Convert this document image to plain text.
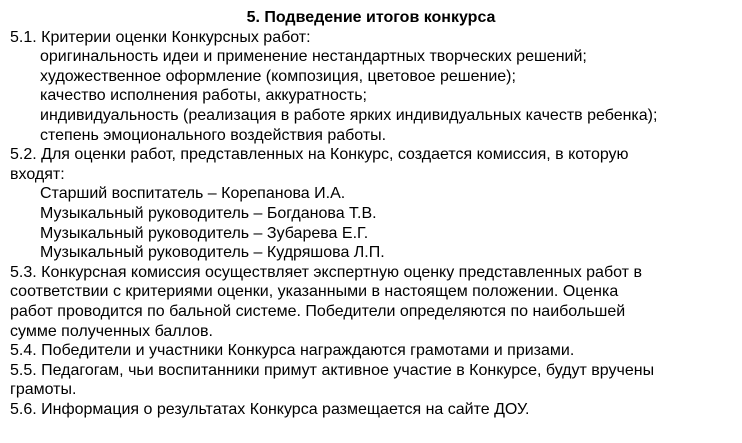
5. Подведение итогов конкурса
5.1. Критерии оценки Конкурсных работ:
оригинальность идеи и применение нестандартных творческих решений;
художественное оформление (композиция, цветовое решение);
качество исполнения работы, аккуратность;
индивидуальность (реализация в работе ярких индивидуальных качеств ребенка);
степень эмоционального воздействия работы.
5.2. Для оценки работ, представленных на Конкурс, создается комиссия, в которую
входят:
Старший воспитатель – Корепанова И.А.
Музыкальный руководитель – Богданова Т.В.
Музыкальный руководитель – Зубарева Е.Г.
Музыкальный руководитель – Кудряшова Л.П.
5.3. Конкурсная комиссия осуществляет экспертную оценку представленных работ в
соответствии с критериями оценки, указанными в настоящем положении. Оценка
работ проводится по бальной системе. Победители определяются по наибольшей
сумме полученных баллов.
5.4. Победители и участники Конкурса награждаются грамотами и призами.
5.5. Педагогам, чьи воспитанники примут активное участие в Конкурсе, будут вручены
грамоты.
5.6. Информация о результатах Конкурса размещается на сайте ДОУ.
